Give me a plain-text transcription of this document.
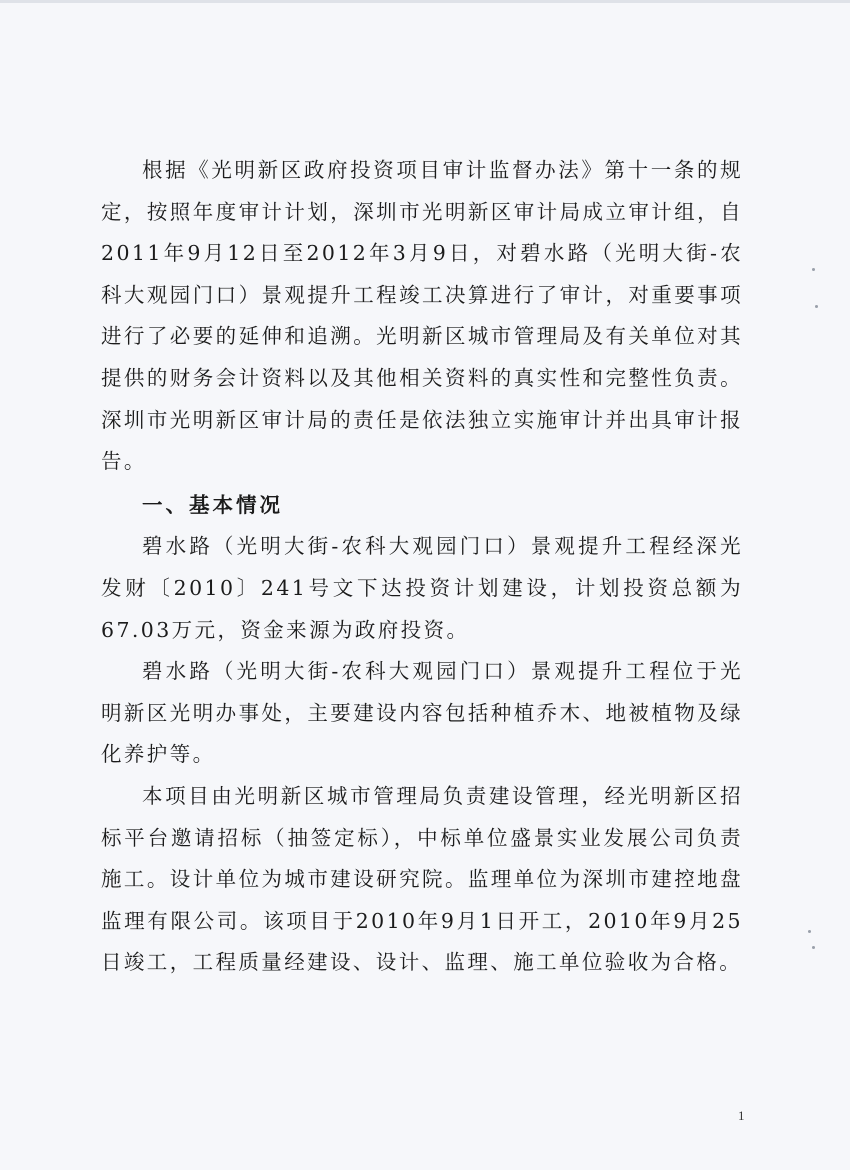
根据《光明新区政府投资项目审计监督办法》第十一条的规定，按照年度审计计划，深圳市光明新区审计局成立审计组，自2011年9月12日至2012年3月9日，对碧水路（光明大街-农科大观园门口）景观提升工程竣工决算进行了审计，对重要事项进行了必要的延伸和追溯。光明新区城市管理局及有关单位对其提供的财务会计资料以及其他相关资料的真实性和完整性负责。深圳市光明新区审计局的责任是依法独立实施审计并出具审计报告。

一、基本情况

碧水路（光明大街-农科大观园门口）景观提升工程经深光发财〔2010〕241号文下达投资计划建设，计划投资总额为67.03万元，资金来源为政府投资。

碧水路（光明大街-农科大观园门口）景观提升工程位于光明新区光明办事处，主要建设内容包括种植乔木、地被植物及绿化养护等。

本项目由光明新区城市管理局负责建设管理，经光明新区招标平台邀请招标（抽签定标），中标单位盛景实业发展公司负责施工。设计单位为城市建设研究院。监理单位为深圳市建控地盘监理有限公司。该项目于2010年9月1日开工，2010年9月25日竣工，工程质量经建设、设计、监理、施工单位验收为合格。

1
